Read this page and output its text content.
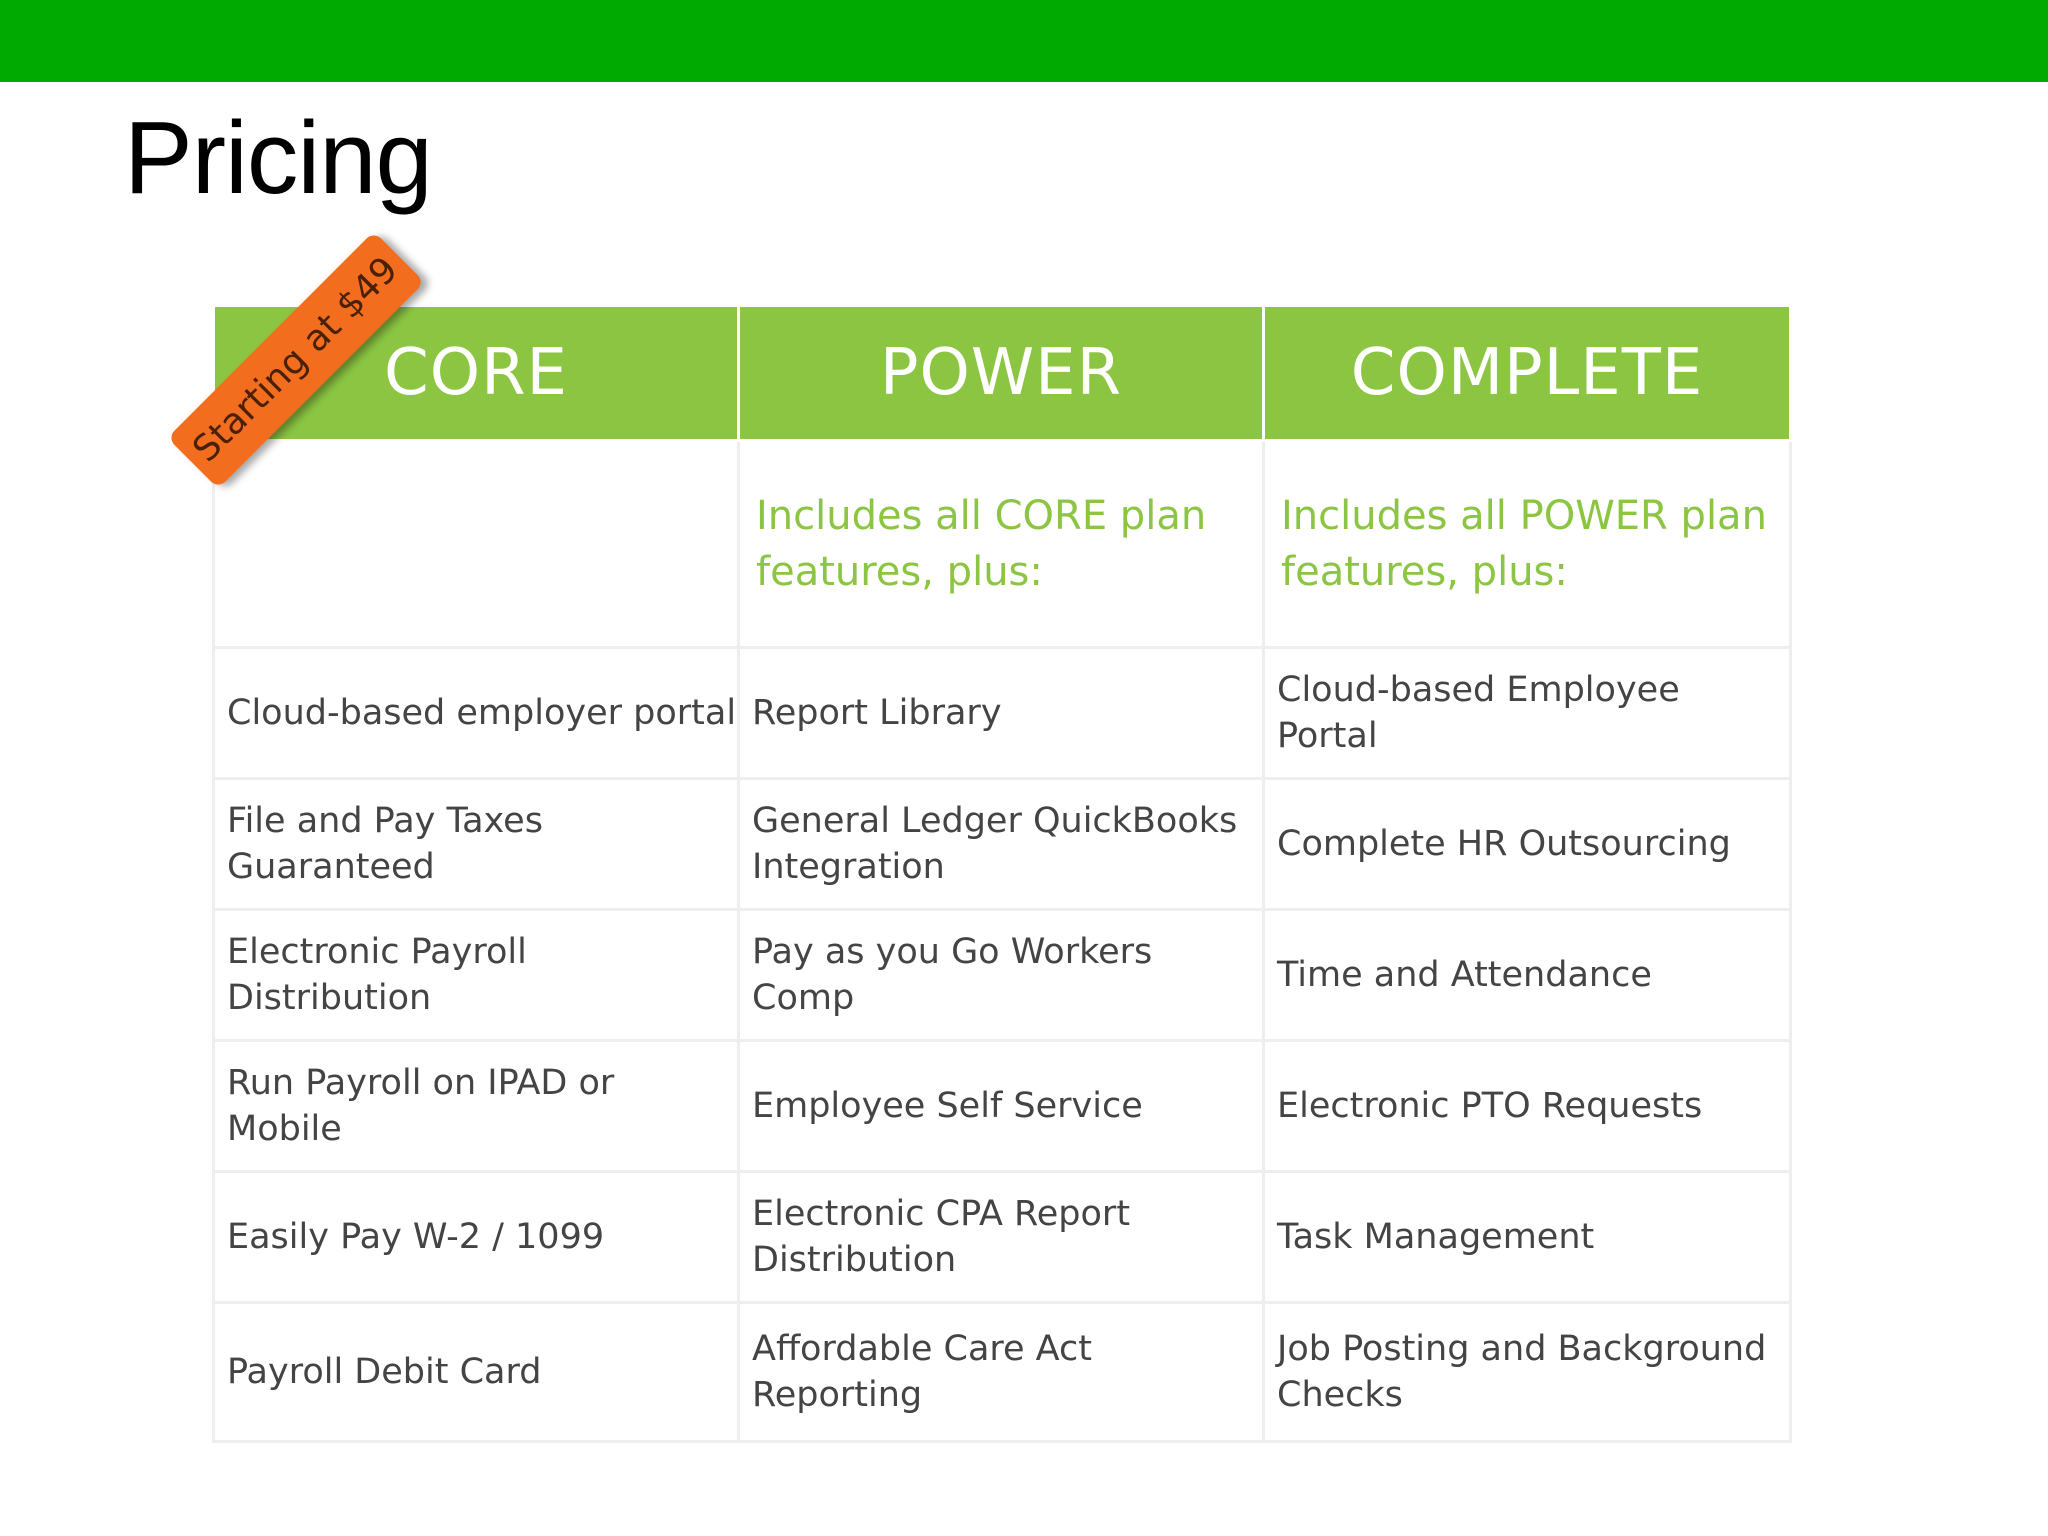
Pricing
CORE	POWER	COMPLETE
	Includes all CORE plan features, plus:	Includes all POWER plan features, plus:
Cloud-based employer portal	Report Library	Cloud-based Employee Portal
File and Pay Taxes Guaranteed	General Ledger QuickBooks Integration	Complete HR Outsourcing
Electronic Payroll Distribution	Pay as you Go Workers Comp	Time and Attendance
Run Payroll on IPAD or Mobile	Employee Self Service	Electronic PTO Requests
Easily Pay W-2 / 1099	Electronic CPA Report Distribution	Task Management
Payroll Debit Card	Affordable Care Act Reporting	Job Posting and Background Checks
Starting at $49
